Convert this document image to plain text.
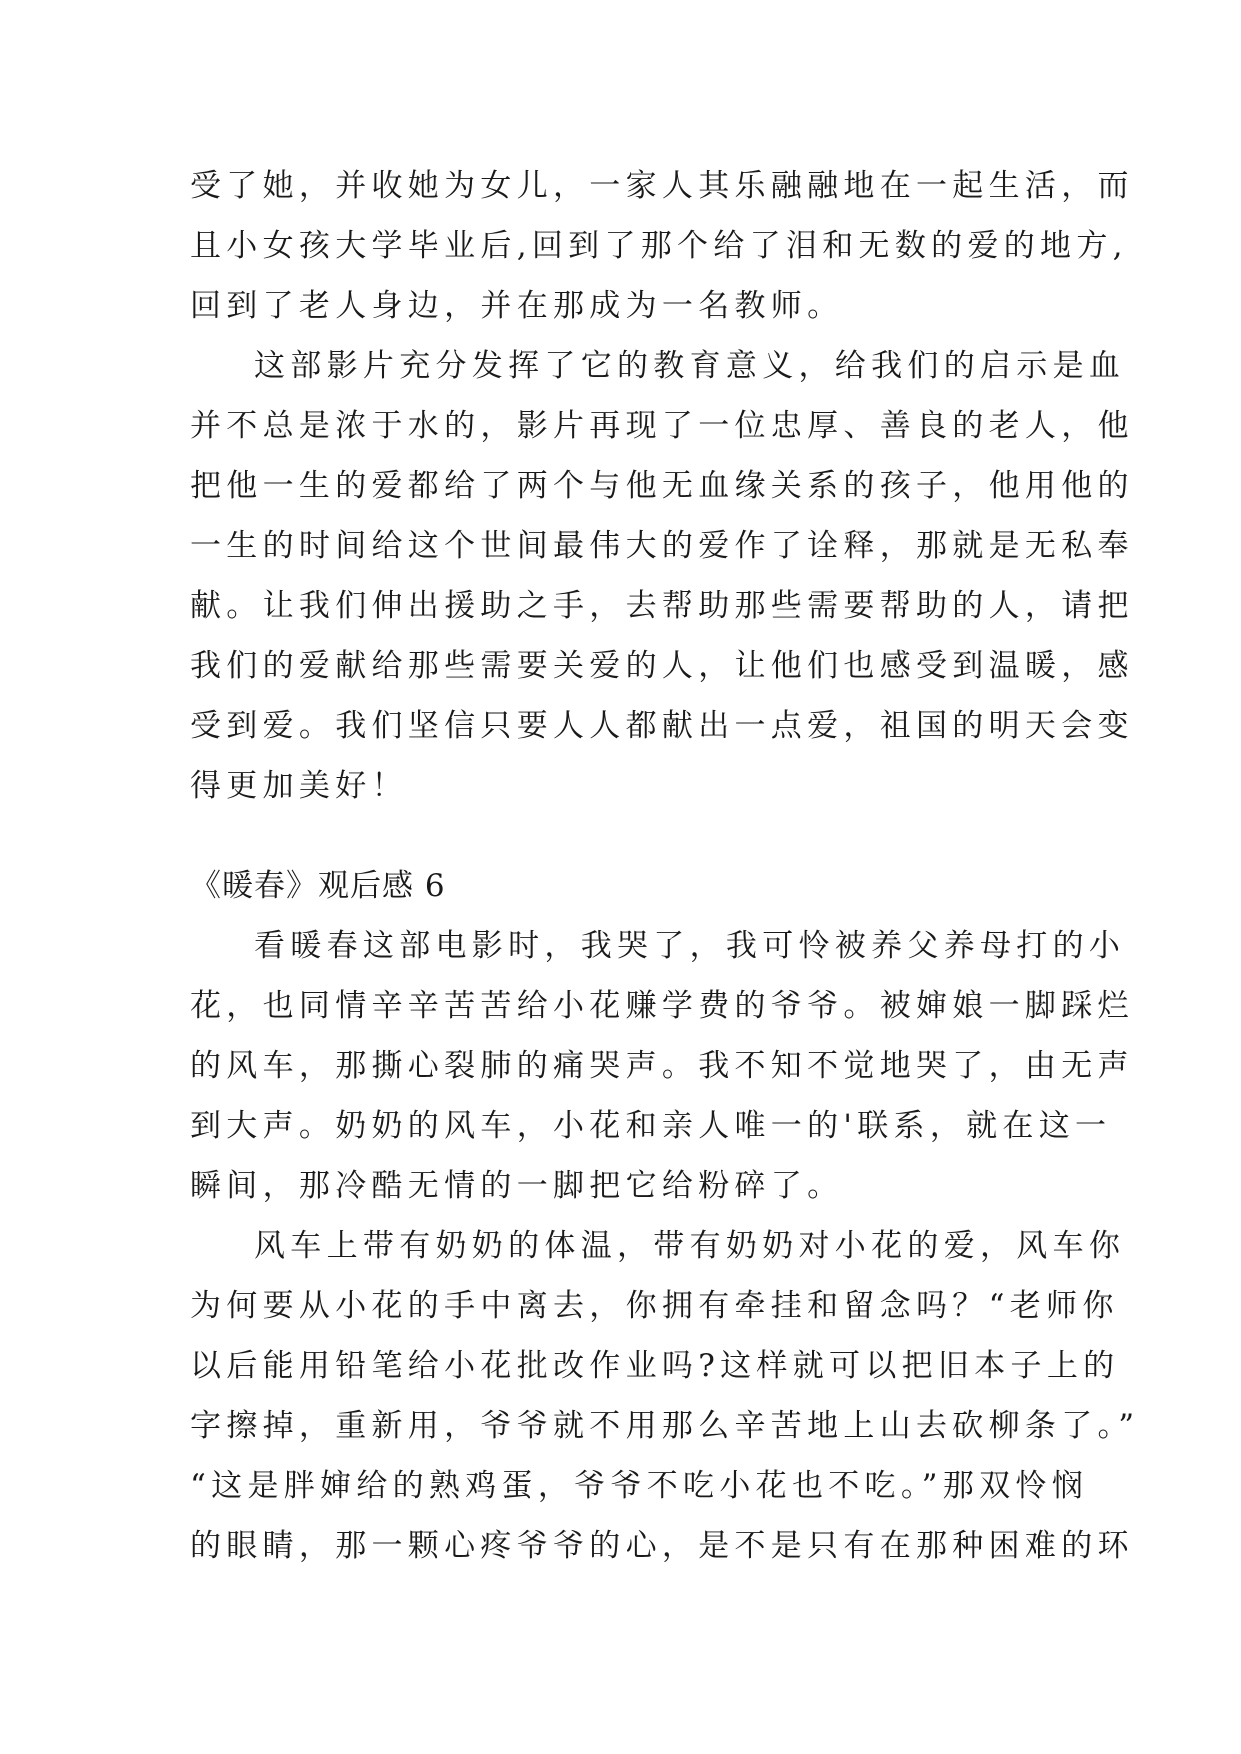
受了她，并收她为女儿，一家人其乐融融地在一起生活，而
且小女孩大学毕业后,回到了那个给了泪和无数的爱的地方,
回到了老人身边，并在那成为一名教师。
这部影片充分发挥了它的教育意义，给我们的启示是血
并不总是浓于水的，影片再现了一位忠厚、善良的老人，他
把他一生的爱都给了两个与他无血缘关系的孩子，他用他的
一生的时间给这个世间最伟大的爱作了诠释，那就是无私奉
献。让我们伸出援助之手，去帮助那些需要帮助的人，请把
我们的爱献给那些需要关爱的人，让他们也感受到温暖，感
受到爱。我们坚信只要人人都献出一点爱，祖国的明天会变
得更加美好！
《暖春》观后感 6
看暖春这部电影时，我哭了，我可怜被养父养母打的小
花，也同情辛辛苦苦给小花赚学费的爷爷。被婶娘一脚踩烂
的风车，那撕心裂肺的痛哭声。我不知不觉地哭了，由无声
到大声。奶奶的风车，小花和亲人唯一的'联系，就在这一
瞬间，那冷酷无情的一脚把它给粉碎了。
风车上带有奶奶的体温，带有奶奶对小花的爱，风车你
为何要从小花的手中离去，你拥有牵挂和留念吗？“老师你
以后能用铅笔给小花批改作业吗?这样就可以把旧本子上的
字擦掉，重新用，爷爷就不用那么辛苦地上山去砍柳条了。”
“这是胖婶给的熟鸡蛋，爷爷不吃小花也不吃。”那双怜悯
的眼睛，那一颗心疼爷爷的心，是不是只有在那种困难的环
